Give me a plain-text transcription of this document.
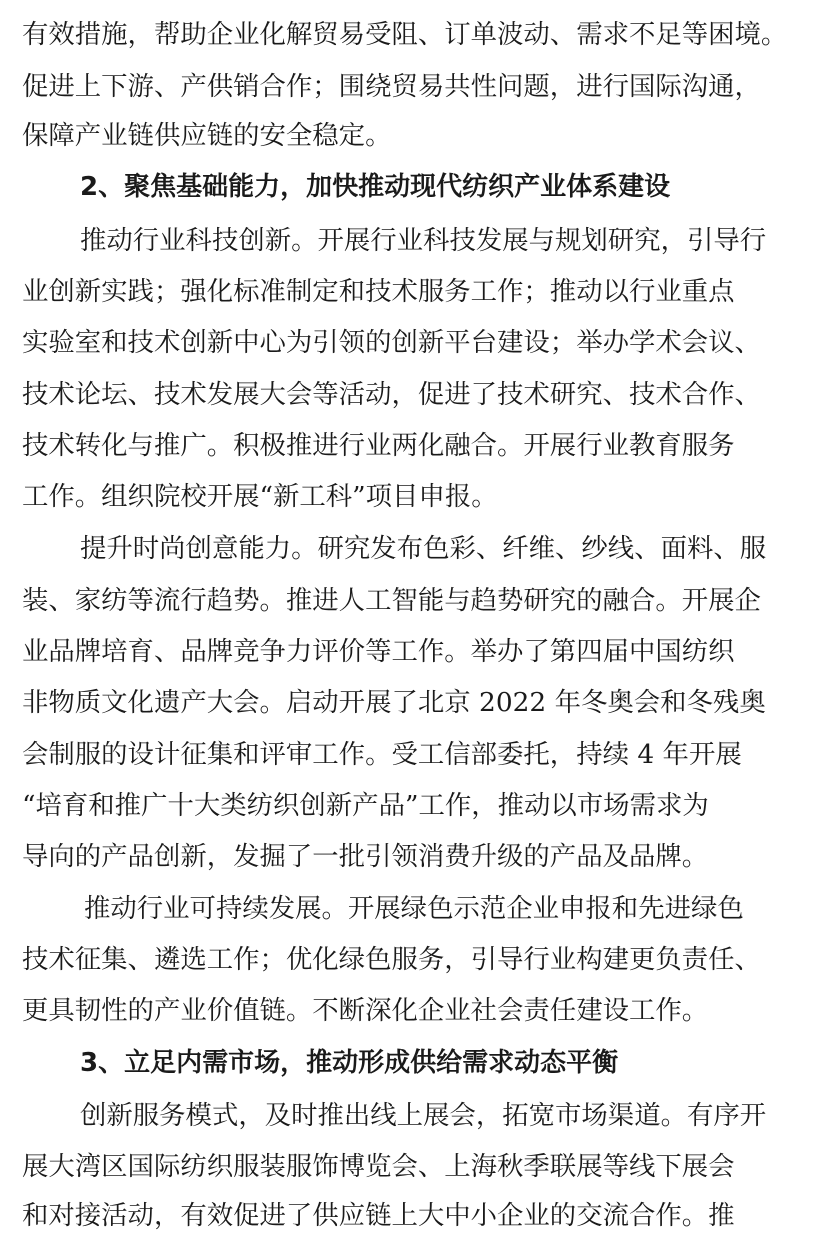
有效措施，帮助企业化解贸易受阻、订单波动、需求不足等困境。
促进上下游、产供销合作；围绕贸易共性问题，进行国际沟通，
保障产业链供应链的安全稳定。
2、聚焦基础能力，加快推动现代纺织产业体系建设
推动行业科技创新。开展行业科技发展与规划研究，引导行
业创新实践；强化标准制定和技术服务工作；推动以行业重点
实验室和技术创新中心为引领的创新平台建设；举办学术会议、
技术论坛、技术发展大会等活动，促进了技术研究、技术合作、
技术转化与推广。积极推进行业两化融合。开展行业教育服务
工作。组织院校开展“新工科”项目申报。
提升时尚创意能力。研究发布色彩、纤维、纱线、面料、服
装、家纺等流行趋势。推进人工智能与趋势研究的融合。开展企
业品牌培育、品牌竞争力评价等工作。举办了第四届中国纺织
非物质文化遗产大会。启动开展了北京 2022 年冬奥会和冬残奥
会制服的设计征集和评审工作。受工信部委托，持续 4 年开展
“培育和推广十大类纺织创新产品”工作，推动以市场需求为
导向的产品创新，发掘了一批引领消费升级的产品及品牌。
推动行业可持续发展。开展绿色示范企业申报和先进绿色
技术征集、遴选工作；优化绿色服务，引导行业构建更负责任、
更具韧性的产业价值链。不断深化企业社会责任建设工作。
3、立足内需市场，推动形成供给需求动态平衡
创新服务模式，及时推出线上展会，拓宽市场渠道。有序开
展大湾区国际纺织服装服饰博览会、上海秋季联展等线下展会
和对接活动，有效促进了供应链上大中小企业的交流合作。推
